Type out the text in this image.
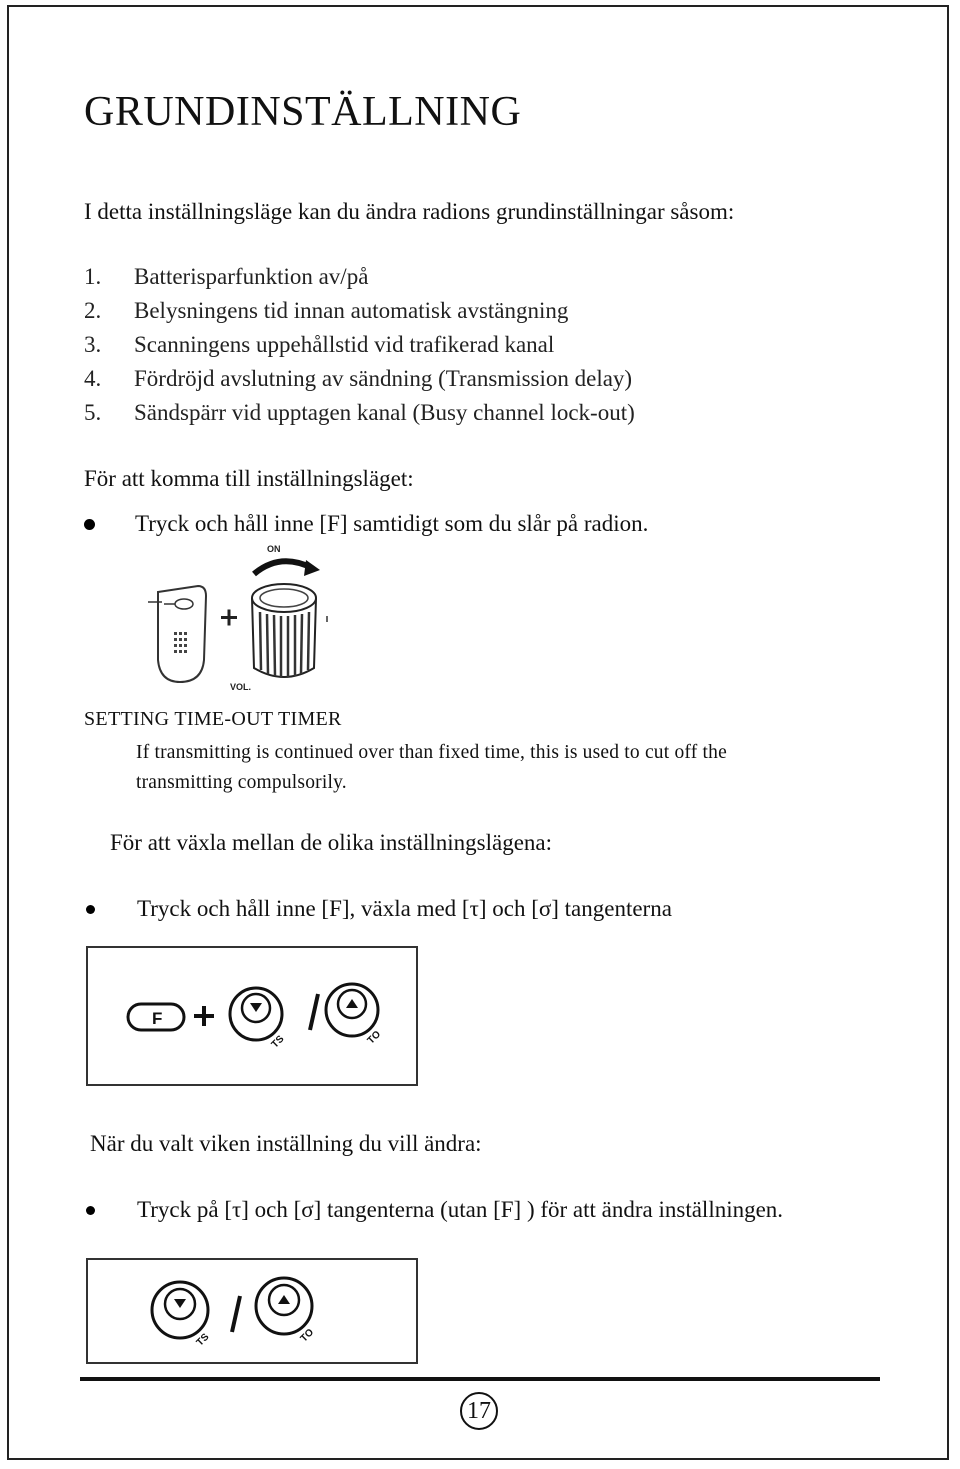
GRUNDINSTÄLLNING
I detta inställningsläge kan du ändra radions grundinställningar såsom:
1.	Batterisparfunktion av/på
2.	Belysningens tid innan automatisk avstängning
3.	Scanningens uppehållstid vid trafikerad kanal
4.	Fördröjd avslutning av sändning (Transmission delay)
5.	Sändspärr vid upptagen kanal (Busy channel lock-out)
För att komma till inställningsläget:
Tryck och håll inne [F] samtidigt som du slår på radion.
ON
VOL.
SETTING TIME-OUT TIMER
If transmitting is continued over than fixed time, this is used to cut off the transmitting compulsorily.
För att växla mellan de olika inställningslägena:
Tryck och håll inne [F], växla med [τ] och [σ] tangenterna
F
TS	TO
När du valt viken inställning du vill ändra:
Tryck på [τ] och [σ] tangenterna (utan [F] ) för att ändra inställningen.
TS	TO
17
